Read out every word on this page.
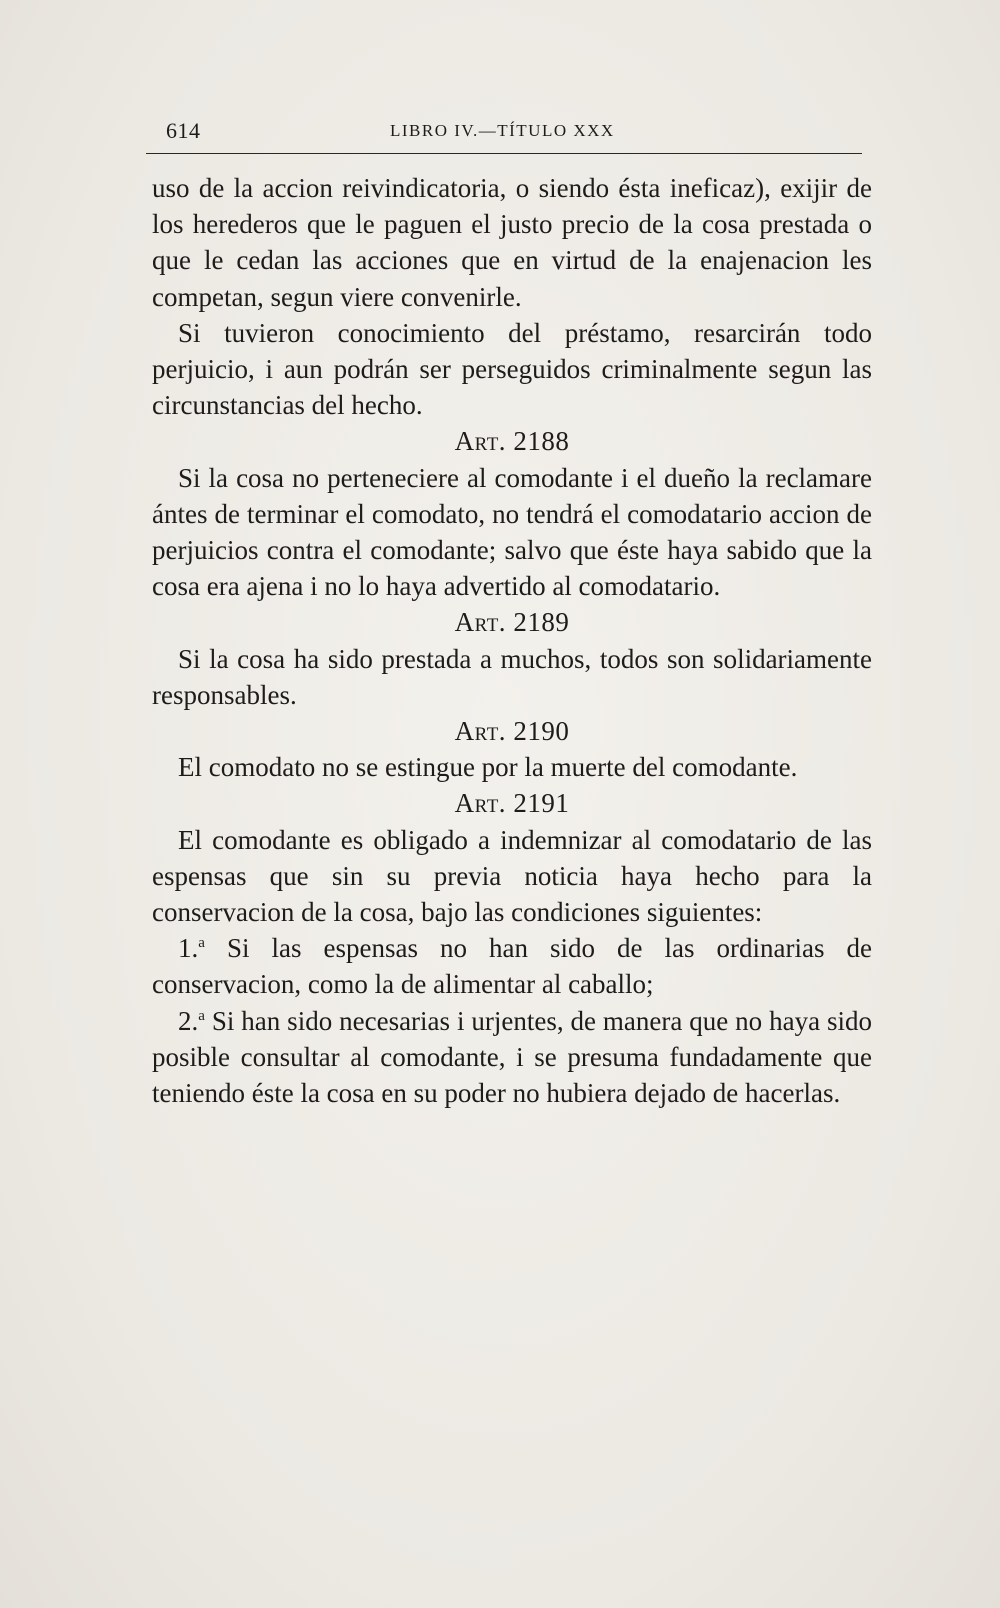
614	LIBRO IV.—TÍTULO XXX

uso de la accion reivindicatoria, o siendo ésta ineficaz), exijir de los herederos que le paguen el justo precio de la cosa prestada o que le cedan las acciones que en virtud de la enajenacion les competan, segun viere convenirle.

Si tuvieron conocimiento del préstamo, resarcirán todo perjuicio, i aun podrán ser perseguidos criminalmente segun las circunstancias del hecho.

Art. 2188

Si la cosa no perteneciere al comodante i el dueño la reclamare ántes de terminar el comodato, no tendrá el comodatario accion de perjuicios contra el comodante; salvo que éste haya sabido que la cosa era ajena i no lo haya advertido al comodatario.

Art. 2189

Si la cosa ha sido prestada a muchos, todos son solidariamente responsables.

Art. 2190

El comodato no se estingue por la muerte del comodante.

Art. 2191

El comodante es obligado a indemnizar al comodatario de las espensas que sin su previa noticia haya hecho para la conservacion de la cosa, bajo las condiciones siguientes:

1.$^a$ Si las espensas no han sido de las ordinarias de conservacion, como la de alimentar al caballo;

2.$^a$ Si han sido necesarias i urjentes, de manera que no haya sido posible consultar al comodante, i se presuma fundadamente que teniendo éste la cosa en su poder no hubiera dejado de hacerlas.
